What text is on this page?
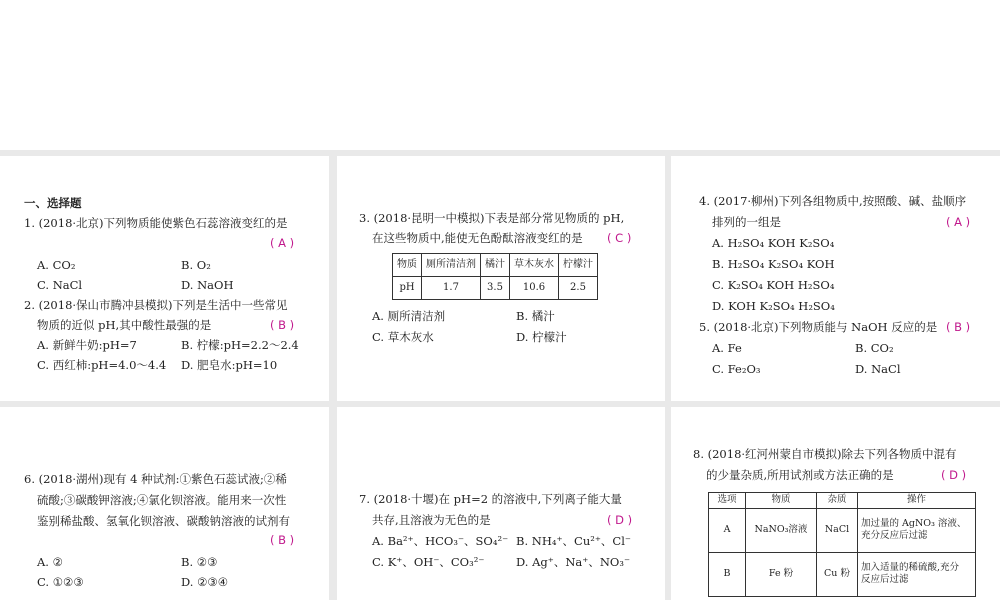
一、选择题
1. (2018·北京)下列物质能使紫色石蕊溶液变红的是
( A )
A. CO₂	B. O₂
C. NaCl	D. NaOH
2. (2018·保山市腾冲县模拟)下列是生活中一些常见
物质的近似 pH,其中酸性最强的是	( B )
A. 新鲜牛奶:pH=7	B. 柠檬:pH=2.2～2.4
C. 西红柿:pH=4.0～4.4 D. 肥皂水:pH=10
3. (2018·昆明一中模拟)下表是部分常见物质的 pH,
在这些物质中,能使无色酚酞溶液变红的是 ( C )
物质	厕所清洁剂	橘汁	草木灰水	柠檬汁
pH	1.7	3.5	10.6	2.5
A. 厕所清洁剂	B. 橘汁
C. 草木灰水	D. 柠檬汁
4. (2017·柳州)下列各组物质中,按照酸、碱、盐顺序
排列的一组是	( A )
A. H₂SO₄ KOH K₂SO₄
B. H₂SO₄ K₂SO₄ KOH
C. K₂SO₄ KOH H₂SO₄
D. KOH K₂SO₄ H₂SO₄
5. (2018·北京)下列物质能与 NaOH 反应的是 ( B )
A. Fe	B. CO₂
C. Fe₂O₃	D. NaCl
6. (2018·湖州)现有 4 种试剂:①紫色石蕊试液;②稀
硫酸;③碳酸钾溶液;④氯化钡溶液。能用来一次性
鉴别稀盐酸、氢氧化钡溶液、碳酸钠溶液的试剂有
( B )
A. ②	B. ②③
C. ①②③	D. ②③④
7. (2018·十堰)在 pH=2 的溶液中,下列离子能大量
共存,且溶液为无色的是	( D )
A. Ba²⁺、HCO₃⁻、SO₄²⁻ B. NH₄⁺、Cu²⁺、Cl⁻
C. K⁺、OH⁻、CO₃²⁻	D. Ag⁺、Na⁺、NO₃⁻
8. (2018·红河州蒙自市模拟)除去下列各物质中混有
的少量杂质,所用试剂或方法正确的是	( D )
选项	物质	杂质	操作
A	NaNO₃溶液	NaCl	加过量的 AgNO₃ 溶液、
充分反应后过滤

B	Fe 粉	Cu 粉	加入适量的稀硫酸,充分
反应后过滤
